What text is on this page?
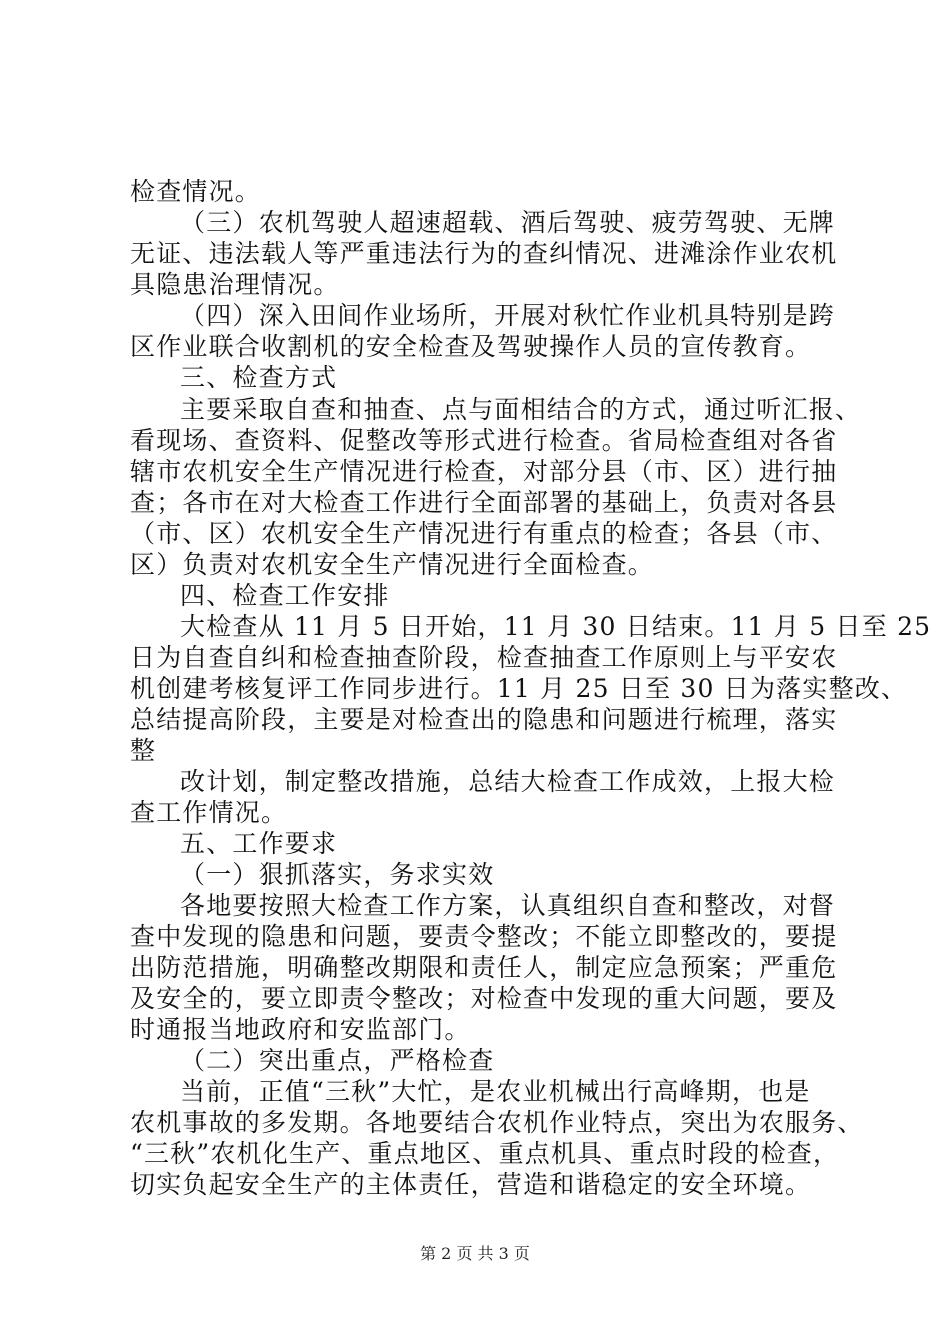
检查情况。
（三）农机驾驶人超速超载、酒后驾驶、疲劳驾驶、无牌
无证、违法载人等严重违法行为的查纠情况、进滩涂作业农机
具隐患治理情况。
（四）深入田间作业场所，开展对秋忙作业机具特别是跨
区作业联合收割机的安全检查及驾驶操作人员的宣传教育。
三、检查方式
主要采取自查和抽查、点与面相结合的方式，通过听汇报、
看现场、查资料、促整改等形式进行检查。省局检查组对各省
辖市农机安全生产情况进行检查，对部分县（市、区）进行抽
查；各市在对大检查工作进行全面部署的基础上，负责对各县
（市、区）农机安全生产情况进行有重点的检查；各县（市、
区）负责对农机安全生产情况进行全面检查。
四、检查工作安排
大检查从 11 月 5 日开始，11 月 30 日结束。11 月 5 日至 25
日为自查自纠和检查抽查阶段，检查抽查工作原则上与平安农
机创建考核复评工作同步进行。11 月 25 日至 30 日为落实整改、
总结提高阶段，主要是对检查出的隐患和问题进行梳理，落实
整
改计划，制定整改措施，总结大检查工作成效，上报大检
查工作情况。
五、工作要求
（一）狠抓落实，务求实效
各地要按照大检查工作方案，认真组织自查和整改，对督
查中发现的隐患和问题，要责令整改；不能立即整改的，要提
出防范措施，明确整改期限和责任人，制定应急预案；严重危
及安全的，要立即责令整改；对检查中发现的重大问题，要及
时通报当地政府和安监部门。
（二）突出重点，严格检查
当前，正值“三秋”大忙，是农业机械出行高峰期，也是
农机事故的多发期。各地要结合农机作业特点，突出为农服务、
“三秋”农机化生产、重点地区、重点机具、重点时段的检查，
切实负起安全生产的主体责任，营造和谐稳定的安全环境。
第 2 页 共 3 页
